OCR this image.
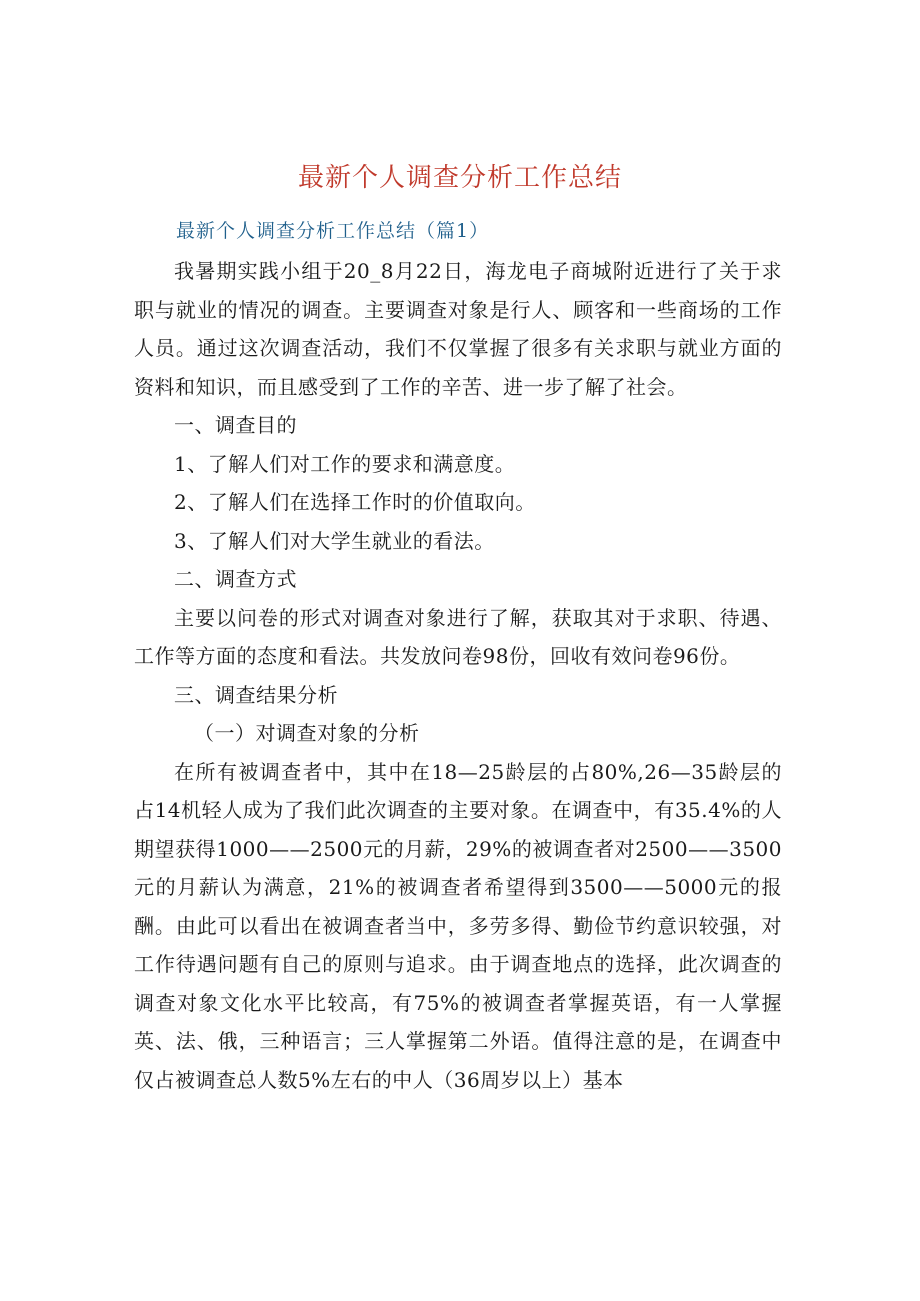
最新个人调查分析工作总结
最新个人调查分析工作总结（篇1）

我暑期实践小组于20_8月22日，海龙电子商城附近进行了关于求职与就业的情况的调查。主要调查对象是行人、顾客和一些商场的工作人员。通过这次调查活动，我们不仅掌握了很多有关求职与就业方面的资料和知识，而且感受到了工作的辛苦、进一步了解了社会。

一、调查目的

1、了解人们对工作的要求和满意度。

2、了解人们在选择工作时的价值取向。

3、了解人们对大学生就业的看法。

二、调查方式

主要以问卷的形式对调查对象进行了解，获取其对于求职、待遇、工作等方面的态度和看法。共发放问卷98份，回收有效问卷96份。

三、调查结果分析

（一）对调查对象的分析

在所有被调查者中，其中在18—25龄层的占80%,26—35龄层的占14机轻人成为了我们此次调查的主要对象。在调查中，有35.4%的人期望获得1000——2500元的月薪，29%的被调查者对2500——3500元的月薪认为满意，21%的被调查者希望得到3500——5000元的报酬。由此可以看出在被调查者当中，多劳多得、勤俭节约意识较强，对工作待遇问题有自己的原则与追求。由于调查地点的选择，此次调查的调查对象文化水平比较高，有75%的被调查者掌握英语，有一人掌握英、法、俄，三种语言；三人掌握第二外语。值得注意的是，在调查中仅占被调查总人数5%左右的中人（36周岁以上）基本
